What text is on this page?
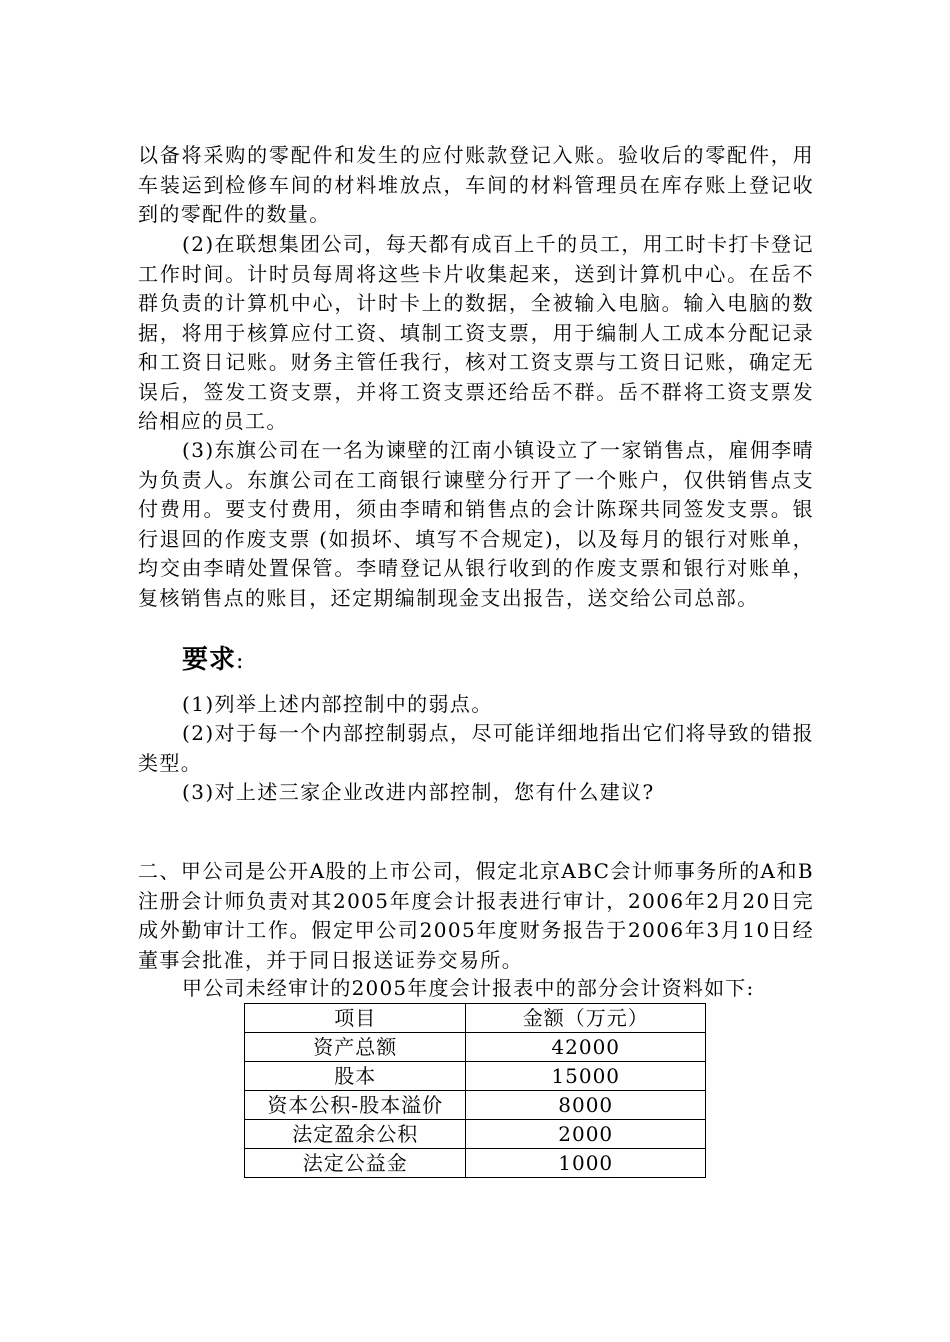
以备将采购的零配件和发生的应付账款登记入账。验收后的零配件，用车装运到检修车间的材料堆放点，车间的材料管理员在库存账上登记收到的零配件的数量。

(2)在联想集团公司，每天都有成百上千的员工，用工时卡打卡登记工作时间。计时员每周将这些卡片收集起来，送到计算机中心。在岳不群负责的计算机中心，计时卡上的数据，全被输入电脑。输入电脑的数据，将用于核算应付工资、填制工资支票，用于编制人工成本分配记录和工资日记账。财务主管任我行，核对工资支票与工资日记账，确定无误后，签发工资支票，并将工资支票还给岳不群。岳不群将工资支票发给相应的员工。

(3)东旗公司在一名为谏壁的江南小镇设立了一家销售点，雇佣李晴为负责人。东旗公司在工商银行谏壁分行开了一个账户，仅供销售点支付费用。要支付费用，须由李晴和销售点的会计陈琛共同签发支票。银行退回的作废支票 (如损坏、填写不合规定)，以及每月的银行对账单，均交由李晴处置保管。李晴登记从银行收到的作废支票和银行对账单，复核销售点的账目，还定期编制现金支出报告，送交给公司总部。

要求:

(1)列举上述内部控制中的弱点。

(2)对于每一个内部控制弱点，尽可能详细地指出它们将导致的错报类型。

(3)对上述三家企业改进内部控制，您有什么建议?

二、甲公司是公开A股的上市公司，假定北京ABC会计师事务所的A和B注册会计师负责对其2005年度会计报表进行审计，2006年2月20日完成外勤审计工作。假定甲公司2005年度财务报告于2006年3月10日经董事会批准，并于同日报送证券交易所。

甲公司未经审计的2005年度会计报表中的部分会计资料如下:

项目	金额（万元）
资产总额	42000
股本	15000
资本公积-股本溢价	8000
法定盈余公积	2000
法定公益金	1000
